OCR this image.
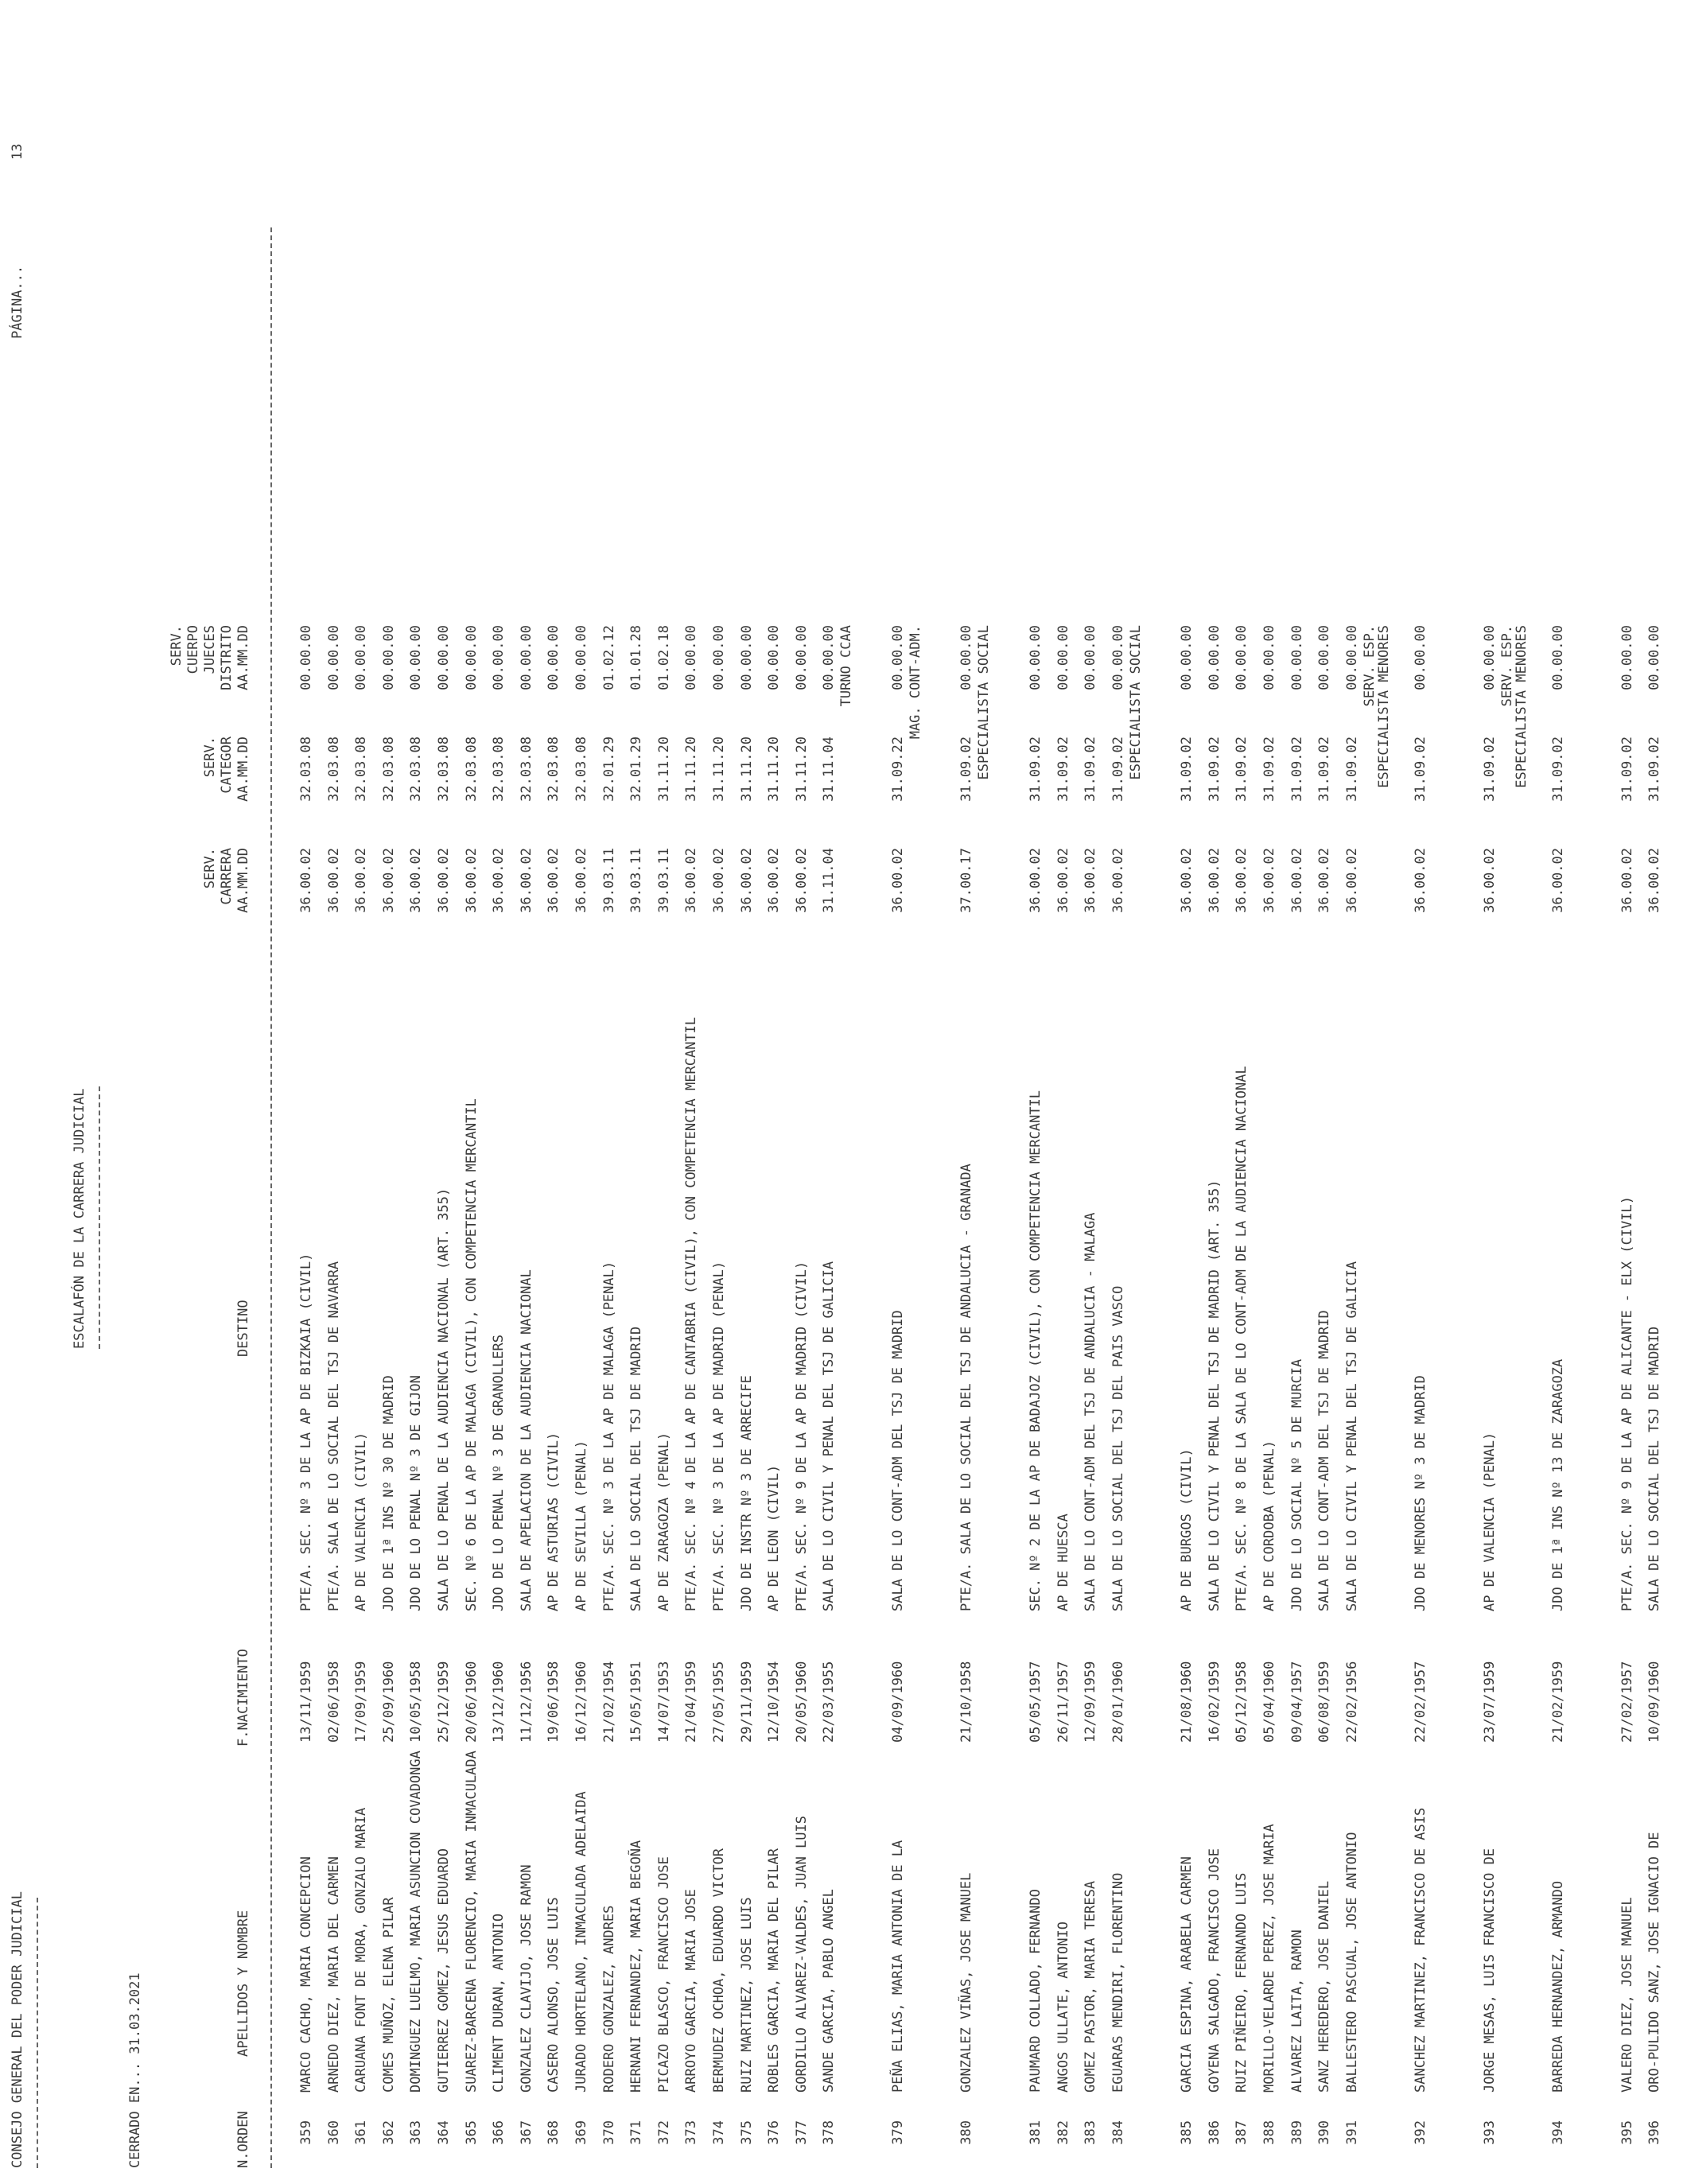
CONSEJO GENERAL DEL PODER JUDICIAL
ESCALAFÓN DE LA CARRERA JUDICIAL
PÁGINA...
13
CERRADO EN... 31.03.2021	N.ORDEN
APELLIDOS Y NOMBRE
F.NACIMIENTO
DESTINO
SERV. CARRERA AA.MM.DD
SERV. CATEGOR AA.MM.DD
SERV. CUERPO JUECES DISTRITO AA.MM.DD
359
MARCO CACHO, MARIA CONCEPCION
13/11/1959
PTE/A. SEC. Nº 3 DE LA AP DE BIZKAIA (CIVIL)
36.00.02
32.03.08
00.00.00
360
ARNEDO DIEZ, MARIA DEL CARMEN
02/06/1958
PTE/A. SALA DE LO SOCIAL DEL TSJ DE NAVARRA
36.00.02
32.03.08
00.00.00
361
CARUANA FONT DE MORA, GONZALO MARIA
17/09/1959
AP DE VALENCIA (CIVIL)
36.00.02
32.03.08
00.00.00
362
COMES MUÑOZ, ELENA PILAR
25/09/1960
JDO DE 1ª INS Nº 30 DE MADRID
36.00.02
32.03.08
00.00.00
363
DOMINGUEZ LUELMO, MARIA ASUNCION COVADONGA
10/05/1958
JDO DE LO PENAL Nº 3 DE GIJON
36.00.02
32.03.08
00.00.00
364
GUTIERREZ GOMEZ, JESUS EDUARDO
25/12/1959
SALA DE LO PENAL DE LA AUDIENCIA NACIONAL (ART. 355)
36.00.02
32.03.08
00.00.00
365
SUAREZ-BARCENA FLORENCIO, MARIA INMACULADA
20/06/1960
SEC. Nº 6 DE LA AP DE MALAGA (CIVIL), CON COMPETENCIA MERCANTIL
36.00.02
32.03.08
00.00.00
366
CLIMENT DURAN, ANTONIO
13/12/1960
JDO DE LO PENAL Nº 3 DE GRANOLLERS
36.00.02
32.03.08
00.00.00
367
GONZALEZ CLAVIJO, JOSE RAMON
11/12/1956
SALA DE APELACION DE LA AUDIENCIA NACIONAL
36.00.02
32.03.08
00.00.00
368
CASERO ALONSO, JOSE LUIS
19/06/1958
AP DE ASTURIAS (CIVIL)
36.00.02
32.03.08
00.00.00
369
JURADO HORTELANO, INMACULADA ADELAIDA
16/12/1960
AP DE SEVILLA (PENAL)
36.00.02
32.03.08
00.00.00
370
RODERO GONZALEZ, ANDRES
21/02/1954
PTE/A. SEC. Nº 3 DE LA AP DE MALAGA (PENAL)
39.03.11
32.01.29
01.02.12
371
HERNANI FERNANDEZ, MARIA BEGOÑA
15/05/1951
SALA DE LO SOCIAL DEL TSJ DE MADRID
39.03.11
32.01.29
01.01.28
372
PICAZO BLASCO, FRANCISCO JOSE
14/07/1953
AP DE ZARAGOZA (PENAL)
39.03.11
31.11.20
01.02.18
373
ARROYO GARCIA, MARIA JOSE
21/04/1959
PTE/A. SEC. Nº 4 DE LA AP DE CANTABRIA (CIVIL), CON COMPETENCIA MERCANTIL
36.00.02
31.11.20
00.00.00
374
BERMUDEZ OCHOA, EDUARDO VICTOR
27/05/1955
PTE/A. SEC. Nº 3 DE LA AP DE MADRID (PENAL)
36.00.02
31.11.20
00.00.00
375
RUIZ MARTINEZ, JOSE LUIS
29/11/1959
JDO DE INSTR Nº 3 DE ARRECIFE
36.00.02
31.11.20
00.00.00
376
ROBLES GARCIA, MARIA DEL PILAR
12/10/1954
AP DE LEON (CIVIL)
36.00.02
31.11.20
00.00.00
377
GORDILLO ALVAREZ-VALDES, JUAN LUIS
20/05/1960
PTE/A. SEC. Nº 9 DE LA AP DE MADRID (CIVIL)
36.00.02
31.11.20
00.00.00
378
SANDE GARCIA, PABLO ANGEL
22/03/1955
SALA DE LO CIVIL Y PENAL DEL TSJ DE GALICIA
31.11.04
31.11.04
00.00.00 TURNO CCAA
379
PEÑA ELIAS, MARIA ANTONIA DE LA
04/09/1960
SALA DE LO CONT-ADM DEL TSJ DE MADRID
36.00.02
31.09.22
00.00.00 MAG. CONT-ADM.
380
GONZALEZ VIÑAS, JOSE MANUEL
21/10/1958
PTE/A. SALA DE LO SOCIAL DEL TSJ DE ANDALUCIA - GRANADA
37.00.17
31.09.02
00.00.00 ESPECIALISTA SOCIAL
381
PAUMARD COLLADO, FERNANDO
05/05/1957
SEC. Nº 2 DE LA AP DE BADAJOZ (CIVIL), CON COMPETENCIA MERCANTIL
36.00.02
31.09.02
00.00.00
382
ANGOS ULLATE, ANTONIO
26/11/1957
AP DE HUESCA
36.00.02
31.09.02
00.00.00
383
GOMEZ PASTOR, MARIA TERESA
12/09/1959
SALA DE LO CONT-ADM DEL TSJ DE ANDALUCIA - MALAGA
36.00.02
31.09.02
00.00.00
384
EGUARAS MENDIRI, FLORENTINO
28/01/1960
SALA DE LO SOCIAL DEL TSJ DEL PAIS VASCO
36.00.02
31.09.02
00.00.00 ESPECIALISTA SOCIAL
385
GARCIA ESPINA, ARABELA CARMEN
21/08/1960
AP DE BURGOS (CIVIL)
36.00.02
31.09.02
00.00.00
386
GOYENA SALGADO, FRANCISCO JOSE
16/02/1959
SALA DE LO CIVIL Y PENAL DEL TSJ DE MADRID (ART. 355)
36.00.02
31.09.02
00.00.00
387
RUIZ PIÑEIRO, FERNANDO LUIS
05/12/1958
PTE/A. SEC. Nº 8 DE LA SALA DE LO CONT-ADM DE LA AUDIENCIA NACIONAL
36.00.02
31.09.02
00.00.00
388
MORILLO-VELARDE PEREZ, JOSE MARIA
05/04/1960
AP DE CORDOBA (PENAL)
36.00.02
31.09.02
00.00.00
389
ALVAREZ LAITA, RAMON
09/04/1957
JDO DE LO SOCIAL Nº 5 DE MURCIA
36.00.02
31.09.02
00.00.00
390
SANZ HEREDERO, JOSE DANIEL
06/08/1959
SALA DE LO CONT-ADM DEL TSJ DE MADRID
36.00.02
31.09.02
00.00.00
391
BALLESTERO PASCUAL, JOSE ANTONIO
22/02/1956
SALA DE LO CIVIL Y PENAL DEL TSJ DE GALICIA
36.00.02
31.09.02
00.00.00 SERV. ESP.
ESPECIALISTA MENORES
392
SANCHEZ MARTINEZ, FRANCISCO DE ASIS
22/02/1957
JDO DE MENORES Nº 3 DE MADRID
36.00.02
31.09.02
00.00.00
393
JORGE MESAS, LUIS FRANCISCO DE
23/07/1959
AP DE VALENCIA (PENAL)
36.00.02
31.09.02
00.00.00 SERV. ESP.
ESPECIALISTA MENORES
394
BARREDA HERNANDEZ, ARMANDO
21/02/1959
JDO DE 1ª INS Nº 13 DE ZARAGOZA
36.00.02
31.09.02
00.00.00
395
VALERO DIEZ, JOSE MANUEL
27/02/1957
PTE/A. SEC. Nº 9 DE LA AP DE ALICANTE - ELX (CIVIL)
36.00.02
31.09.02
00.00.00
396
ORO-PULIDO SANZ, JOSE IGNACIO DE
10/09/1960
SALA DE LO SOCIAL DEL TSJ DE MADRID
36.00.02
31.09.02
00.00.00
